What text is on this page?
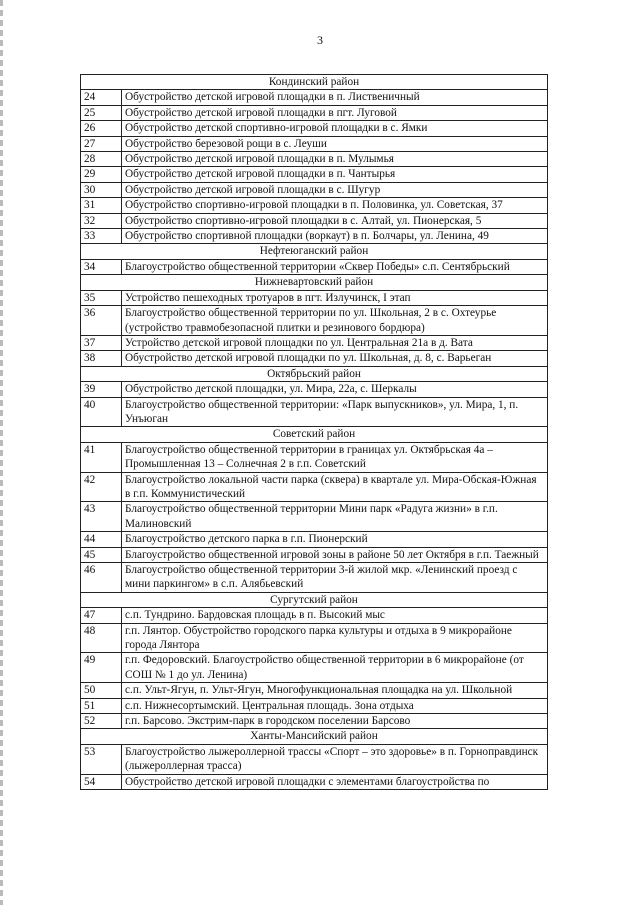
3
Кондинский район	
24	Обустройство детской игровой площадки в п. Лиственичный
25	Обустройство детской игровой площадки в пгт. Луговой
26	Обустройство детской спортивно-игровой площадки в с. Ямки
27	Обустройство березовой рощи в с. Леуши
28	Обустройство детской игровой площадки в п. Мулымья
29	Обустройство детской игровой площадки в п. Чантырья
30	Обустройство детской игровой площадки в с. Шугур
31	Обустройство спортивно-игровой площадки в п. Половинка, ул. Советская, 37
32	Обустройство спортивно-игровой площадки в с. Алтай, ул. Пионерская, 5
33	Обустройство спортивной площадки (воркаут) в п. Болчары, ул. Ленина, 49
Нефтеюганский район	
34	Благоустройство общественной территории «Сквер Победы» с.п. Сентябрьский
Нижневартовский район	
35	Устройство пешеходных тротуаров в пгт. Излучинск, I этап
36	Благоустройство общественной территории по ул. Школьная, 2 в с. Охтеурье (устройство травмобезопасной плитки и резинового бордюра)
37	Устройство детской игровой площадки по ул. Центральная 21а в д. Вата
38	Обустройство детской игровой площадки по ул. Школьная, д. 8, с. Варьеган
Октябрьский район	
39	Обустройство детской площадки, ул. Мира, 22а, с. Шеркалы
40	Благоустройство общественной территории: «Парк выпускников», ул. Мира, 1, п. Унъюган
Советский район	
41	Благоустройство общественной территории в границах ул. Октябрьская 4а – Промышленная 13 – Солнечная 2 в г.п. Советский
42	Благоустройство локальной части парка (сквера) в квартале ул. Мира-Обская-Южная в г.п. Коммунистический
43	Благоустройство общественной территории Мини парк «Радуга жизни» в г.п. Малиновский
44	Благоустройство детского парка в г.п. Пионерский
45	Благоустройство общественной игровой зоны в районе 50 лет Октября в г.п. Таежный
46	Благоустройство общественной территории 3-й жилой мкр. «Ленинский проезд с мини паркингом» в с.п. Алябьевский
Сургутский район	
47	с.п. Тундрино. Бардовская площадь в п. Высокий мыс
48	г.п. Лянтор. Обустройство городского парка культуры и отдыха в 9 микрорайоне города Лянтора
49	г.п. Федоровский. Благоустройство общественной территории в 6 микрорайоне (от СОШ № 1 до ул. Ленина)
50	с.п. Ульт-Ягун, п. Ульт-Ягун, Многофункциональная площадка на ул. Школьной
51	с.п. Нижнесортымский. Центральная площадь. Зона отдыха
52	г.п. Барсово. Экстрим-парк в городском поселении Барсово
Ханты-Мансийский район	
53	Благоустройство лыжероллерной трассы «Спорт – это здоровье» в п. Горноправдинск (лыжероллерная трасса)
54	Обустройство детской игровой площадки с элементами благоустройства по
